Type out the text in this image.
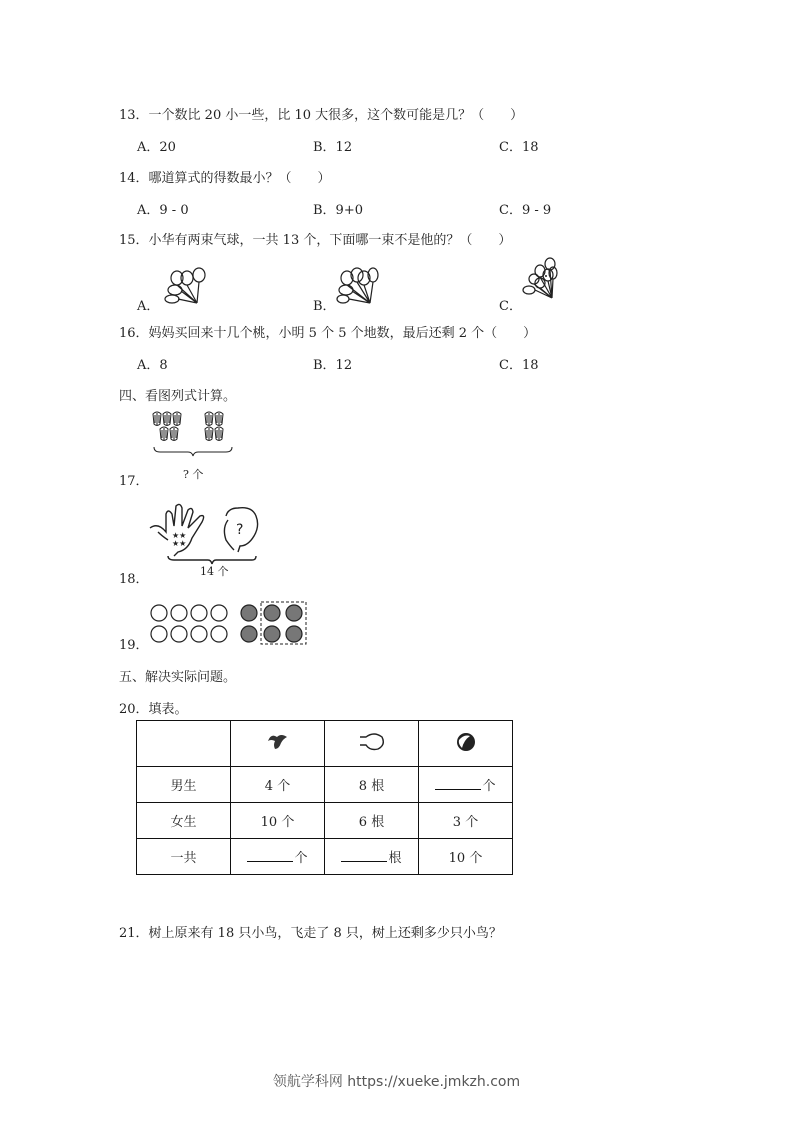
13．一个数比 20 小一些，比 10 大很多，这个数可能是几？（　　）
A．20	B．12	C．18
14．哪道算式的得数最小？（　　）
A．9 - 0	B．9+0	C．9 - 9
15．小华有两束气球，一共 13 个，下面哪一束不是他的？（　　）
A．	B．	C．
16．妈妈买回来十几个桃，小明 5 个 5 个地数，最后还剩 2 个（　　）
A．8	B．12	C．18
四、看图列式计算。
? 个
17．
★★
★★
?
14 个
18．
19．
五、解决实际问题。
20．填表。

男生	4 个	8 根	个
女生	10 个	6 根	3 个
一共	个	根	10 个
21．树上原来有 18 只小鸟，飞走了 8 只，树上还剩多少只小鸟？
领航学科网 https://xueke.jmkzh.com
